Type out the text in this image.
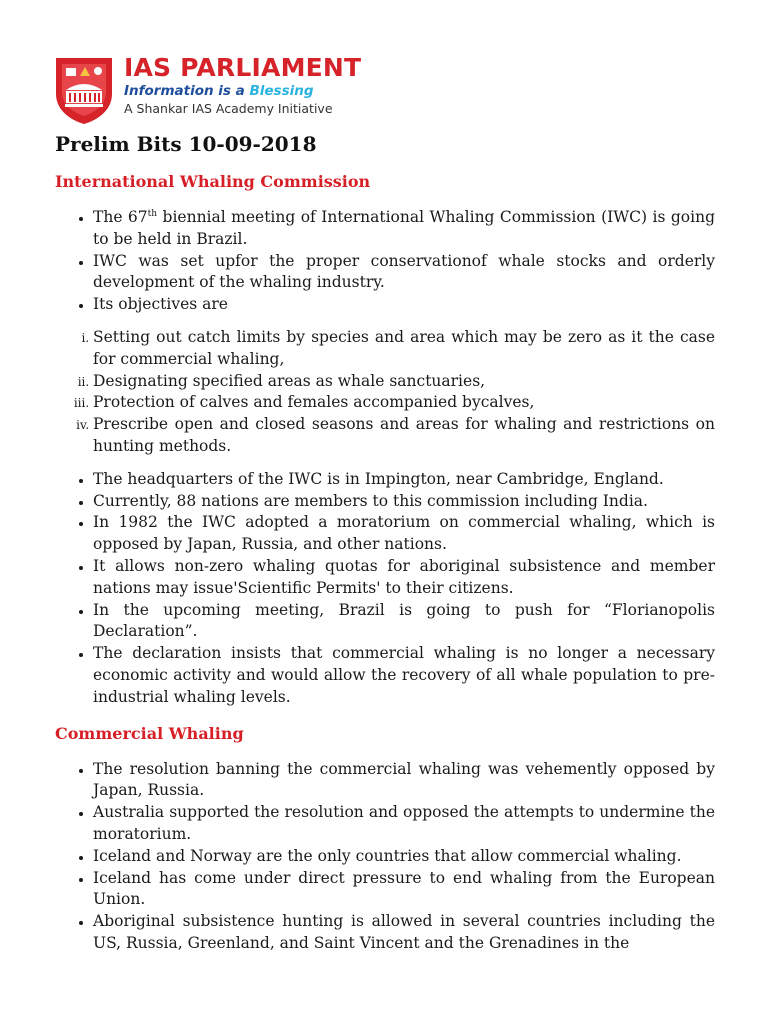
IAS PARLIAMENT
Information is a Blessing
A Shankar IAS Academy Initiative
Prelim Bits 10-09-2018
International Whaling Commission
• The 67th biennial meeting of International Whaling Commission (IWC) is going to be held in Brazil.
• IWC was set upfor the proper conservationof whale stocks and orderly development of the whaling industry.
• Its objectives are
i. Setting out catch limits by species and area which may be zero as it the case for commercial whaling,
ii. Designating specified areas as whale sanctuaries,
iii. Protection of calves and females accompanied bycalves,
iv. Prescribe open and closed seasons and areas for whaling and restrictions on hunting methods.
• The headquarters of the IWC is in Impington, near Cambridge, England.
• Currently, 88 nations are members to this commission including India.
• In 1982 the IWC adopted a moratorium on commercial whaling, which is opposed by Japan, Russia, and other nations.
• It allows non-zero whaling quotas for aboriginal subsistence and member nations may issue'Scientific Permits' to their citizens.
• In the upcoming meeting, Brazil is going to push for “Florianopolis Declaration”.
• The declaration insists that commercial whaling is no longer a necessary economic activity and would allow the recovery of all whale population to pre-industrial whaling levels.
Commercial Whaling
• The resolution banning the commercial whaling was vehemently opposed by Japan, Russia.
• Australia supported the resolution and opposed the attempts to undermine the moratorium.
• Iceland and Norway are the only countries that allow commercial whaling.
• Iceland has come under direct pressure to end whaling from the European Union.
• Aboriginal subsistence hunting is allowed in several countries including the US, Russia, Greenland, and Saint Vincent and the Grenadines in the
